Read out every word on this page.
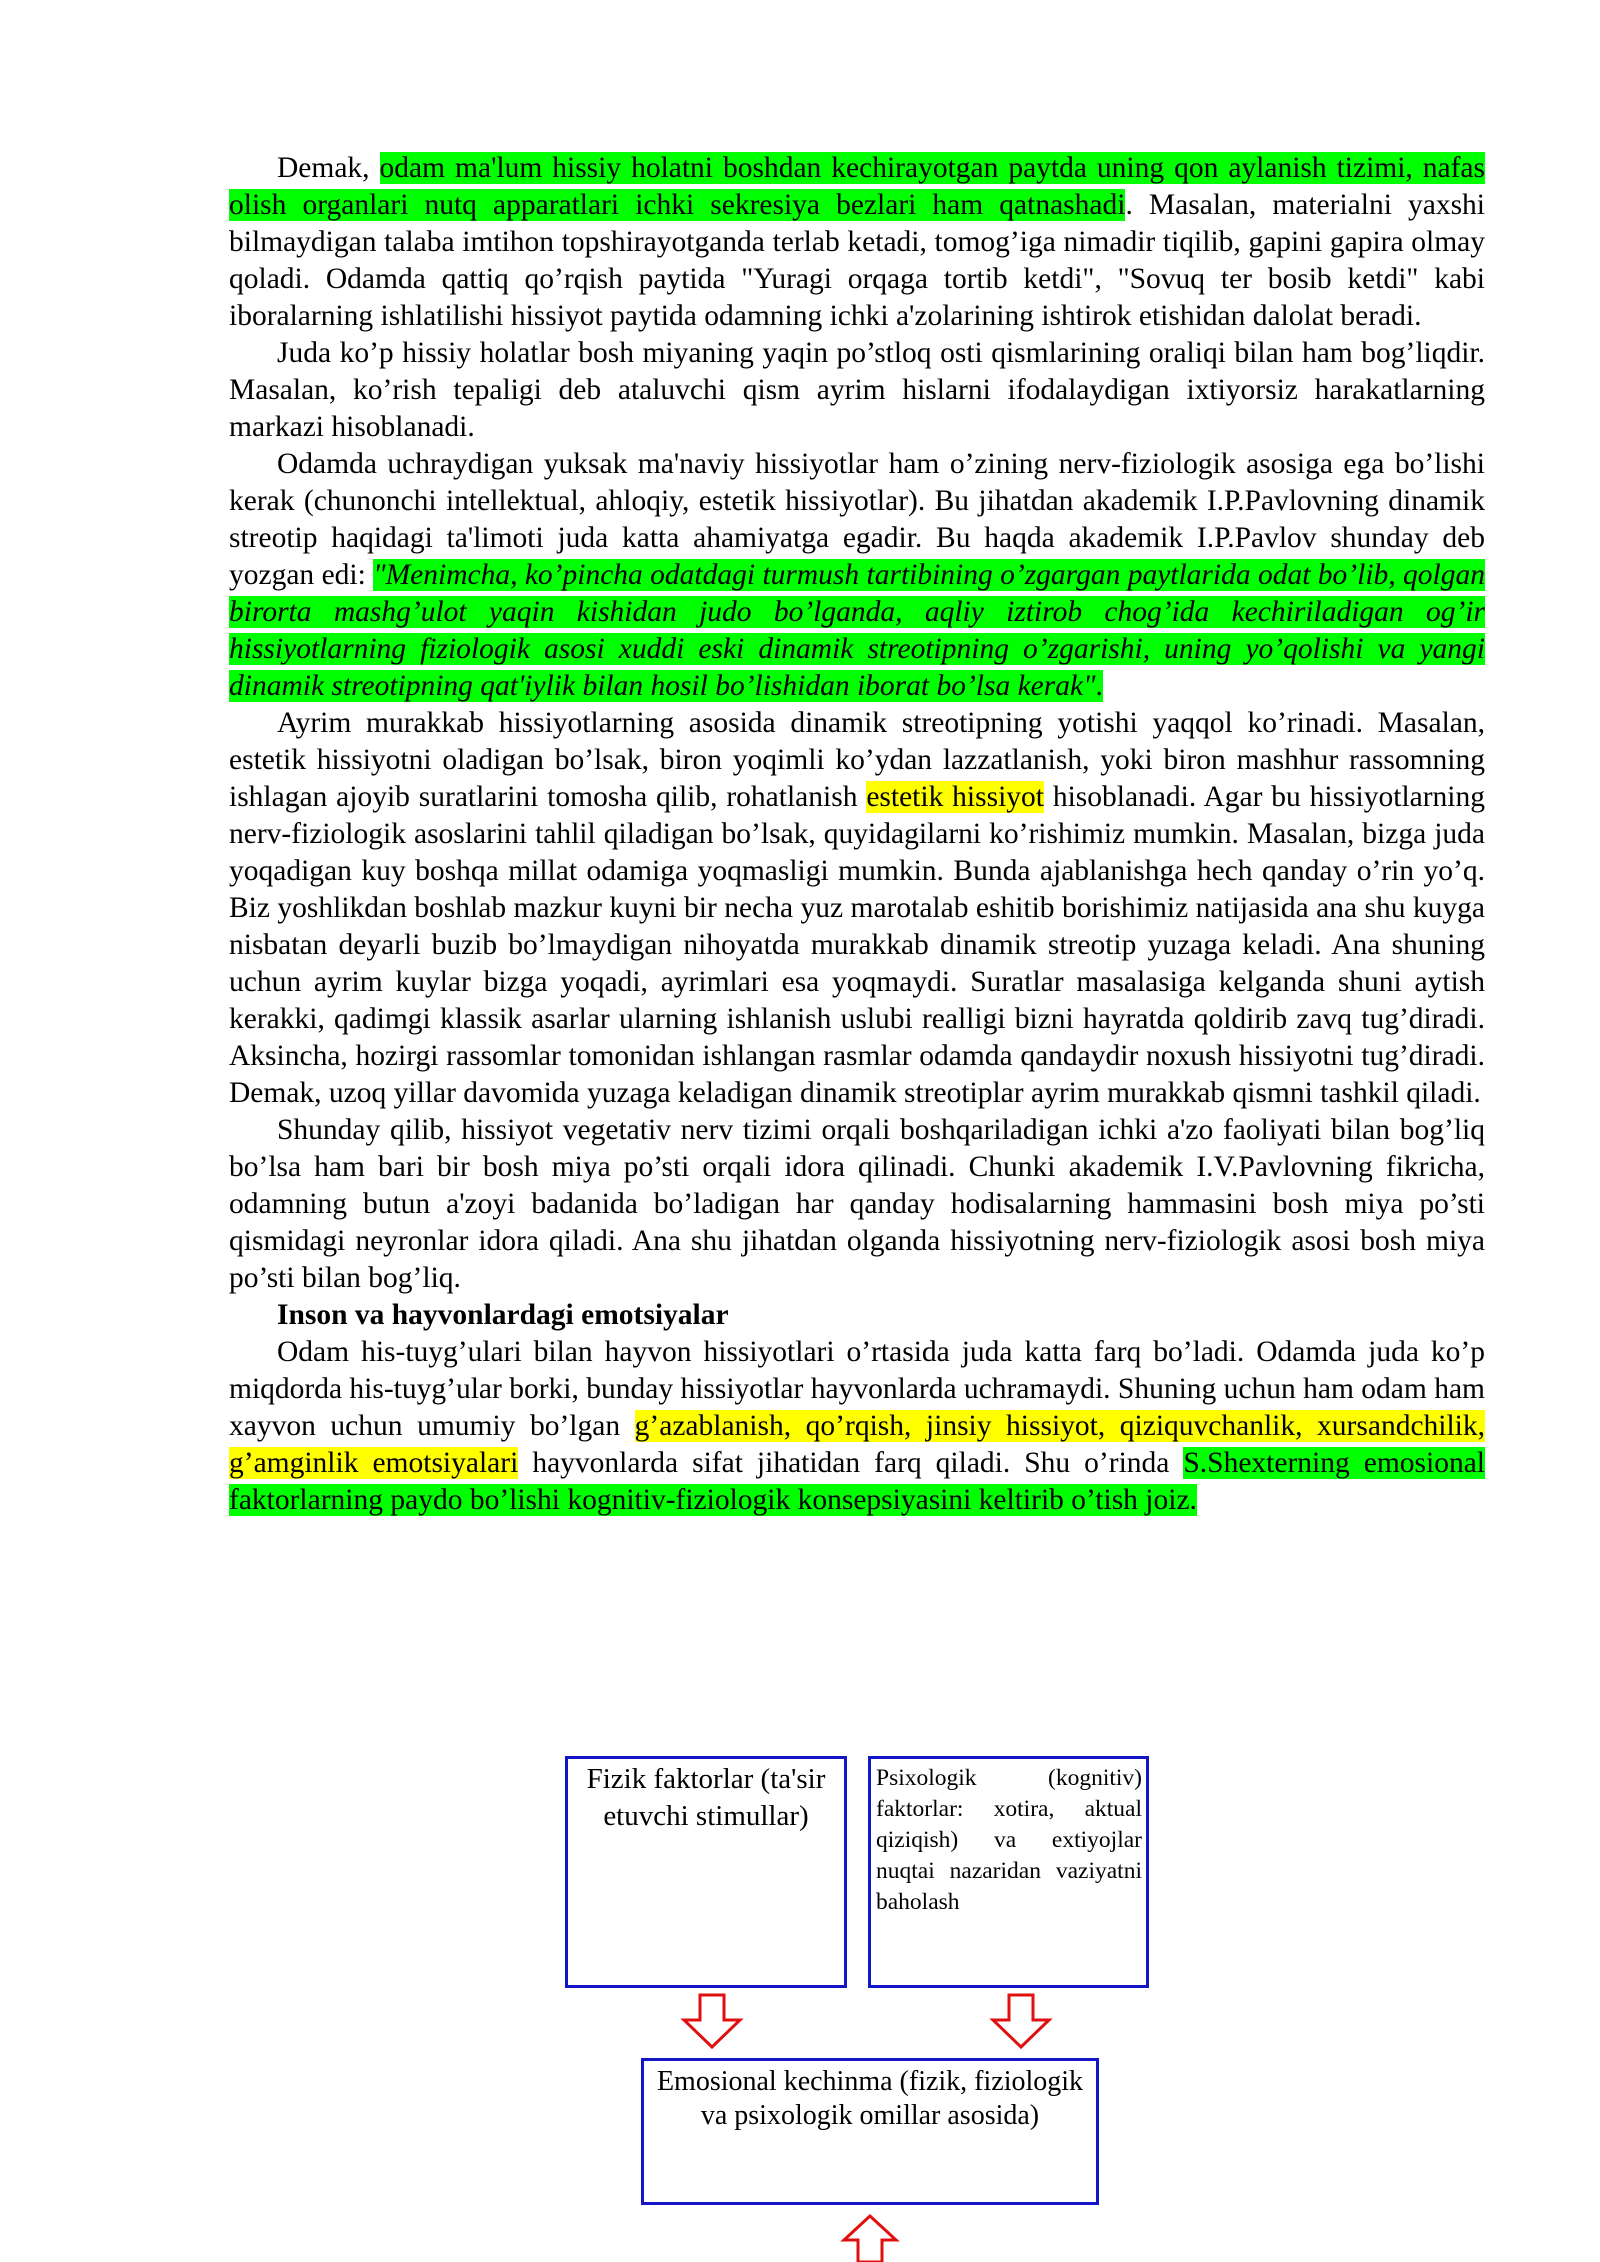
Demak, odam ma'lum hissiy holatni boshdan kechirayotgan paytda uning qon aylanish tizimi, nafas olish organlari nutq apparatlari ichki sekresiya bezlari ham qatnashadi. Masalan, materialni yaxshi bilmaydigan talaba imtihon topshirayotganda terlab ketadi, tomog’iga nimadir tiqilib, gapini gapira olmay qoladi. Odamda qattiq qo’rqish paytida "Yuragi orqaga tortib ketdi", "Sovuq ter bosib ketdi" kabi iboralarning ishlatilishi hissiyot paytida odamning ichki a'zolarining ishtirok etishidan dalolat beradi.

Juda ko’p hissiy holatlar bosh miyaning yaqin po’stloq osti qismlarining oraliqi bilan ham bog’liqdir. Masalan, ko’rish tepaligi deb ataluvchi qism ayrim hislarni ifodalaydigan ixtiyorsiz harakatlarning markazi hisoblanadi.

Odamda uchraydigan yuksak ma'naviy hissiyotlar ham o’zining nerv-fiziologik asosiga ega bo’lishi kerak (chunonchi intellektual, ahloqiy, estetik hissiyotlar). Bu jihatdan akademik I.P.Pavlovning dinamik streotip haqidagi ta'limoti juda katta ahamiyatga egadir. Bu haqda akademik I.P.Pavlov shunday deb yozgan edi: "Menimcha, ko’pincha odatdagi turmush tartibining o’zgargan paytlarida odat bo’lib, qolgan birorta mashg’ulot yaqin kishidan judo bo’lganda, aqliy iztirob chog’ida kechiriladigan og’ir hissiyotlarning fiziologik asosi xuddi eski dinamik streotipning o’zgarishi, uning yo’qolishi va yangi dinamik streotipning qat'iylik bilan hosil bo’lishidan iborat bo’lsa kerak".

Ayrim murakkab hissiyotlarning asosida dinamik streotipning yotishi yaqqol ko’rinadi. Masalan, estetik hissiyotni oladigan bo’lsak, biron yoqimli ko’ydan lazzatlanish, yoki biron mashhur rassomning ishlagan ajoyib suratlarini tomosha qilib, rohatlanish estetik hissiyot hisoblanadi. Agar bu hissiyotlarning nerv-fiziologik asoslarini tahlil qiladigan bo’lsak, quyidagilarni ko’rishimiz mumkin. Masalan, bizga juda yoqadigan kuy boshqa millat odamiga yoqmasligi mumkin. Bunda ajablanishga hech qanday o’rin yo’q. Biz yoshlikdan boshlab mazkur kuyni bir necha yuz marotalab eshitib borishimiz natijasida ana shu kuyga nisbatan deyarli buzib bo’lmaydigan nihoyatda murakkab dinamik streotip yuzaga keladi. Ana shuning uchun ayrim kuylar bizga yoqadi, ayrimlari esa yoqmaydi. Suratlar masalasiga kelganda shuni aytish kerakki, qadimgi klassik asarlar ularning ishlanish uslubi realligi bizni hayratda qoldirib zavq tug’diradi. Aksincha, hozirgi rassomlar tomonidan ishlangan rasmlar odamda qandaydir noxush hissiyotni tug’diradi. Demak, uzoq yillar davomida yuzaga keladigan dinamik streotiplar ayrim murakkab qismni tashkil qiladi.

Shunday qilib, hissiyot vegetativ nerv tizimi orqali boshqariladigan ichki a'zo faoliyati bilan bog’liq bo’lsa ham bari bir bosh miya po’sti orqali idora qilinadi. Chunki akademik I.V.Pavlovning fikricha, odamning butun a'zoyi badanida bo’ladigan har qanday hodisalarning hammasini bosh miya po’sti qismidagi neyronlar idora qiladi. Ana shu jihatdan olganda hissiyotning nerv-fiziologik asosi bosh miya po’sti bilan bog’liq.

Inson va hayvonlardagi emotsiyalar

Odam his-tuyg’ulari bilan hayvon hissiyotlari o’rtasida juda katta farq bo’ladi. Odamda juda ko’p miqdorda his-tuyg’ular borki, bunday hissiyotlar hayvonlarda uchramaydi. Shuning uchun ham odam ham xayvon uchun umumiy bo’lgan g’azablanish, qo’rqish, jinsiy hissiyot, qiziquvchanlik, xursandchilik, g’amginlik emotsiyalari hayvonlarda sifat jihatidan farq qiladi. Shu o’rinda S.Shexterning emosional faktorlarning paydo bo’lishi kognitiv-fiziologik konsepsiyasini keltirib o’tish joiz.

Fizik faktorlar (ta'sir etuvchi stimullar)
Psixologik (kognitiv) faktorlar: xotira, aktual qiziqish) va extiyojlar nuqtai nazaridan vaziyatni baholash
Emosional kechinma (fizik, fiziologik va psixologik omillar asosida)
